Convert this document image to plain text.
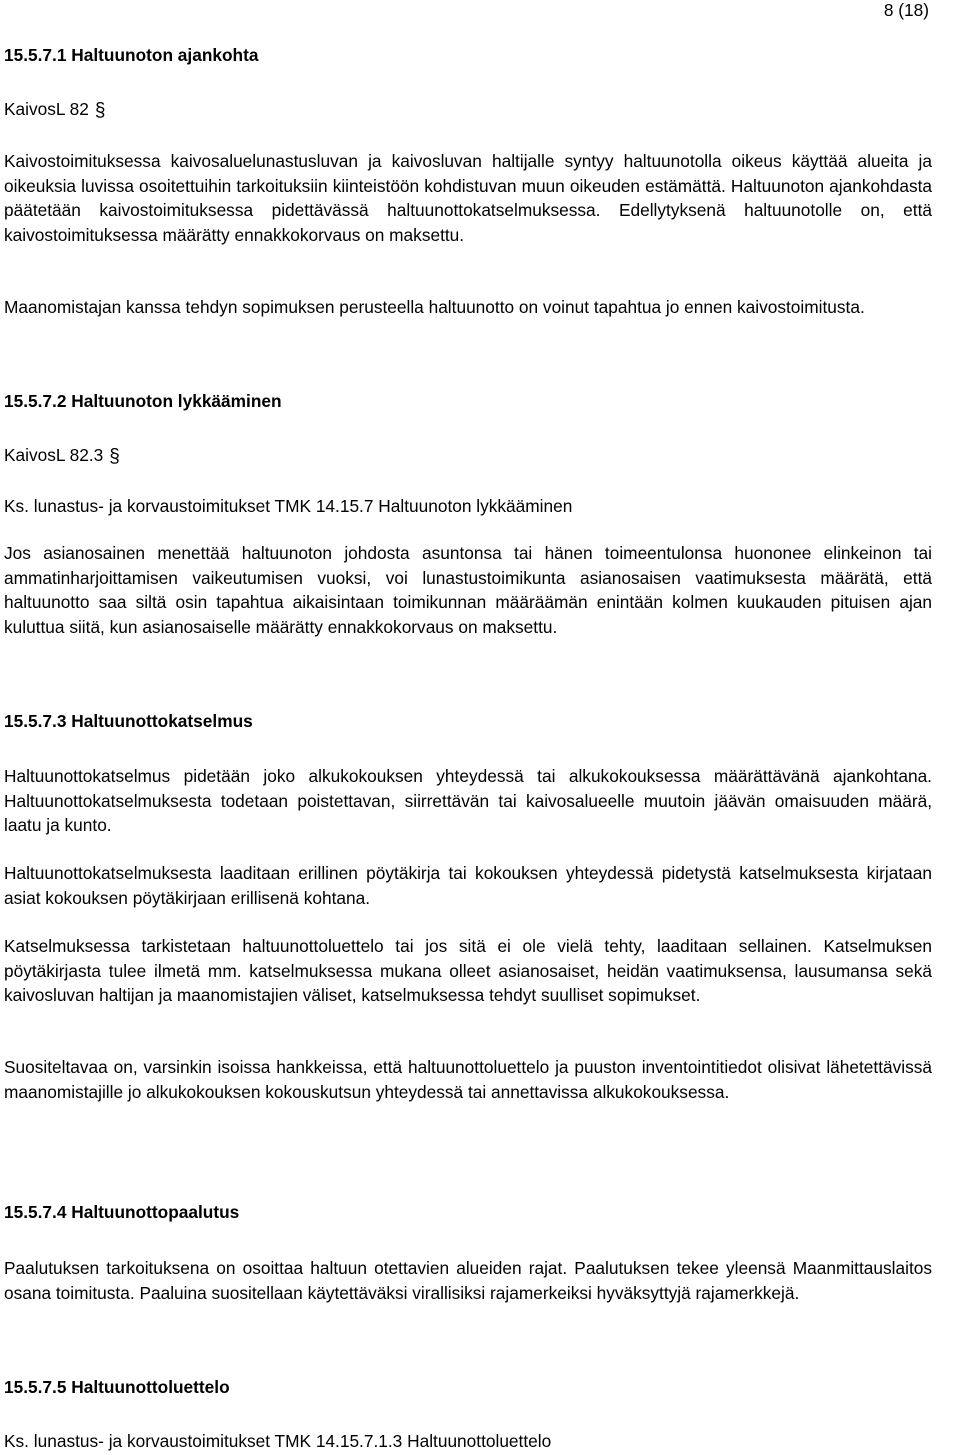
8 (18)
15.5.7.1 Haltuunoton ajankohta
KaivosL 82 §
Kaivostoimituksessa kaivosaluelunastusluvan ja kaivosluvan haltijalle syntyy haltuunotolla oikeus käyttää alueita ja oikeuksia luvissa osoitettuihin tarkoituksiin kiinteistöön kohdistuvan muun oikeuden estämättä. Haltuunoton ajankohdasta päätetään kaivostoimituksessa pidettävässä haltuunottokatselmuksessa. Edellytyksenä haltuunotolle on, että kaivostoimituksessa määrätty ennakkokorvaus on maksettu.
Maanomistajan kanssa tehdyn sopimuksen perusteella haltuunotto on voinut tapahtua jo ennen kaivostoimitusta.
15.5.7.2 Haltuunoton lykkääminen
KaivosL 82.3 §
Ks. lunastus- ja korvaustoimitukset TMK 14.15.7 Haltuunoton lykkääminen
Jos asianosainen menettää haltuunoton johdosta asuntonsa tai hänen toimeentulonsa huononee elinkeinon tai ammatinharjoittamisen vaikeutumisen vuoksi, voi lunastustoimikunta asianosaisen vaatimuksesta määrätä, että haltuunotto saa siltä osin tapahtua aikaisintaan toimikunnan määräämän enintään kolmen kuukauden pituisen ajan kuluttua siitä, kun asianosaiselle määrätty ennakkokorvaus on maksettu.
15.5.7.3 Haltuunottokatselmus
Haltuunottokatselmus pidetään joko alkukokouksen yhteydessä tai alkukokouksessa määrättävänä ajankohtana. Haltuunottokatselmuksesta todetaan poistettavan, siirrettävän tai kaivosalueelle muutoin jäävän omaisuuden määrä, laatu ja kunto.
Haltuunottokatselmuksesta laaditaan erillinen pöytäkirja tai kokouksen yhteydessä pidetystä katselmuksesta kirjataan asiat kokouksen pöytäkirjaan erillisenä kohtana.
Katselmuksessa tarkistetaan haltuunottoluettelo tai jos sitä ei ole vielä tehty, laaditaan sellainen. Katselmuksen pöytäkirjasta tulee ilmetä mm. katselmuksessa mukana olleet asianosaiset, heidän vaatimuksensa, lausumansa sekä kaivosluvan haltijan ja maanomistajien väliset, katselmuksessa tehdyt suulliset sopimukset.
Suositeltavaa on, varsinkin isoissa hankkeissa, että haltuunottoluettelo ja puuston inventointitiedot olisivat lähetettävissä maanomistajille jo alkukokouksen kokouskutsun yhteydessä tai annettavissa alkukokouksessa.
15.5.7.4 Haltuunottopaalutus
Paalutuksen tarkoituksena on osoittaa haltuun otettavien alueiden rajat. Paalutuksen tekee yleensä Maanmittauslaitos osana toimitusta. Paaluina suositellaan käytettäväksi virallisiksi rajamerkeiksi hyväksyttyjä rajamerkkejä.
15.5.7.5 Haltuunottoluettelo
Ks. lunastus- ja korvaustoimitukset TMK 14.15.7.1.3 Haltuunottoluettelo
